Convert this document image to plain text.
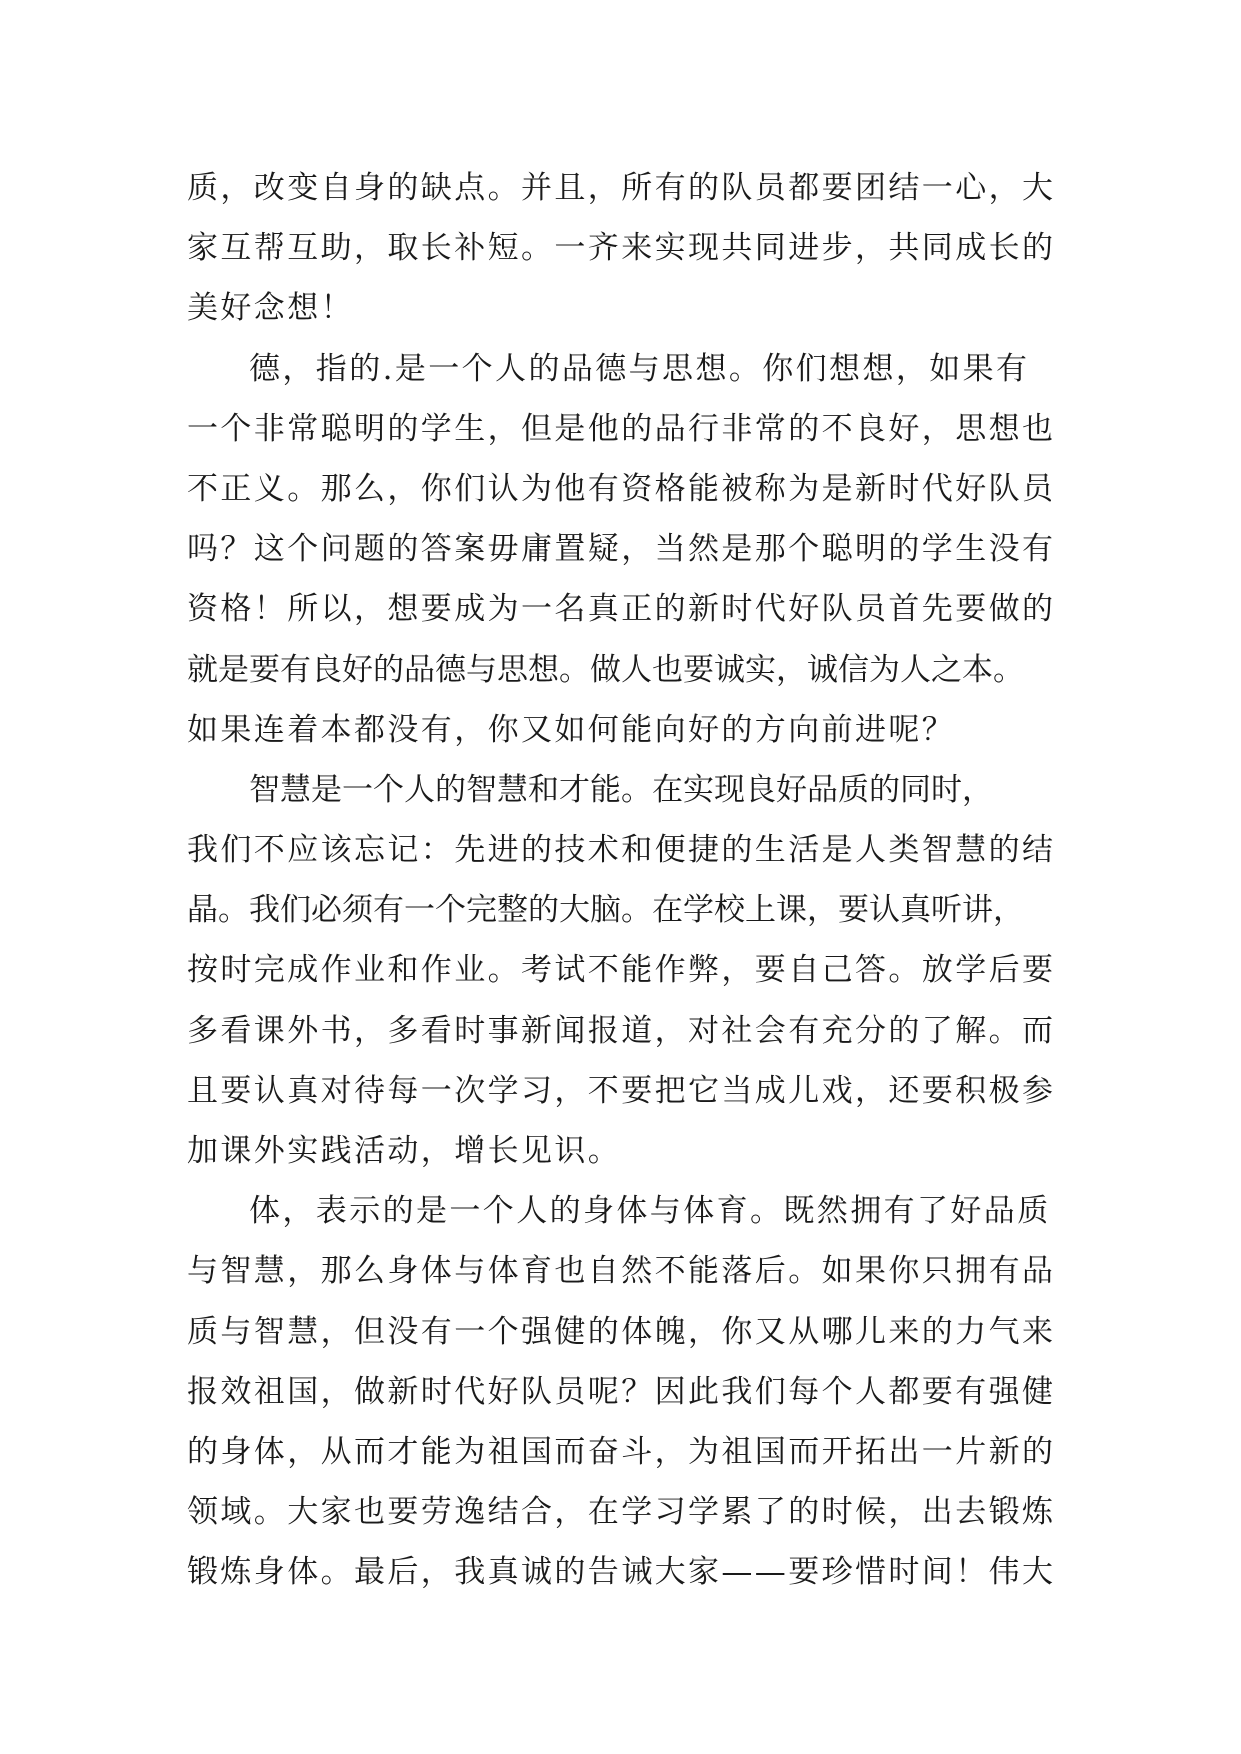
质，改变自身的缺点。并且，所有的队员都要团结一心，大
家互帮互助，取长补短。一齐来实现共同进步，共同成长的
美好念想！
德，指的.是一个人的品德与思想。你们想想，如果有
一个非常聪明的学生，但是他的品行非常的不良好，思想也
不正义。那么，你们认为他有资格能被称为是新时代好队员
吗？这个问题的答案毋庸置疑，当然是那个聪明的学生没有
资格！所以，想要成为一名真正的新时代好队员首先要做的
就是要有良好的品德与思想。做人也要诚实，诚信为人之本。
如果连着本都没有，你又如何能向好的方向前进呢？
智慧是一个人的智慧和才能。在实现良好品质的同时，
我们不应该忘记：先进的技术和便捷的生活是人类智慧的结
晶。我们必须有一个完整的大脑。在学校上课，要认真听讲，
按时完成作业和作业。考试不能作弊，要自己答。放学后要
多看课外书，多看时事新闻报道，对社会有充分的了解。而
且要认真对待每一次学习，不要把它当成儿戏，还要积极参
加课外实践活动，增长见识。
体，表示的是一个人的身体与体育。既然拥有了好品质
与智慧，那么身体与体育也自然不能落后。如果你只拥有品
质与智慧，但没有一个强健的体魄，你又从哪儿来的力气来
报效祖国，做新时代好队员呢？因此我们每个人都要有强健
的身体，从而才能为祖国而奋斗，为祖国而开拓出一片新的
领域。大家也要劳逸结合，在学习学累了的时候，出去锻炼
锻炼身体。最后，我真诚的告诫大家——要珍惜时间！伟大
